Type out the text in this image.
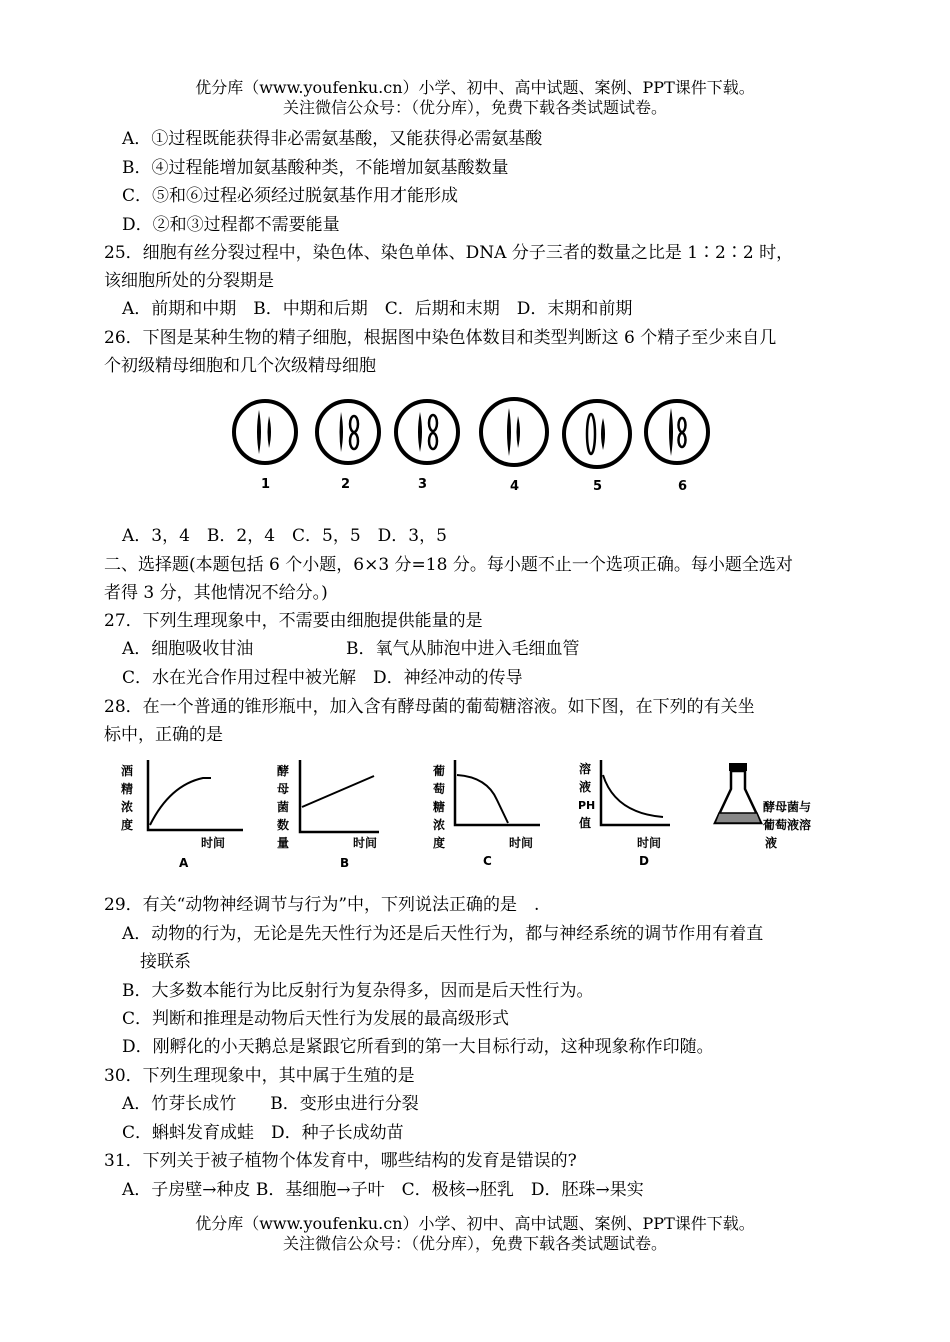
优分库（www.youfenku.cn）小学、初中、高中试题、案例、PPT课件下载。
关注微信公众号：（优分库），免费下载各类试题试卷。
A．①过程既能获得非必需氨基酸，又能获得必需氨基酸
B．④过程能增加氨基酸种类，不能增加氨基酸数量
C．⑤和⑥过程必须经过脱氨基作用才能形成
D．②和③过程都不需要能量
25．细胞有丝分裂过程中，染色体、染色单体、DNA 分子三者的数量之比是 1∶2∶2 时，
该细胞所处的分裂期是
A．前期和中期　B．中期和后期　C．后期和末期　D．末期和前期
26．下图是某种生物的精子细胞，根据图中染色体数目和类型判断这 6 个精子至少来自几
个初级精母细胞和几个次级精母细胞
1	2	3	4	5	6
A．3，4　B．2，4　C．5，5　D．3，5
二、选择题(本题包括 6 个小题，6×3 分=18 分。每小题不止一个选项正确。每小题全选对
者得 3 分，其他情况不给分。)
27．下列生理现象中，不需要由细胞提供能量的是
A．细胞吸收甘油	B．氧气从肺泡中进入毛细血管
C．水在光合作用过程中被光解　D．神经冲动的传导
28．在一个普通的锥形瓶中，加入含有酵母菌的葡萄糖溶液。如下图，在下列的有关坐
标中，正确的是
酒
精
浓
度
时间
A
酵
母
菌
数
量	时间
B
葡
萄
糖
浓
度	时间
C
溶
液
PH
值
时间
D
酵母菌与
葡萄液溶
液
29．有关“动物神经调节与行为”中，下列说法正确的是　.
A．动物的行为，无论是先天性行为还是后天性行为，都与神经系统的调节作用有着直
接联系
B．大多数本能行为比反射行为复杂得多，因而是后天性行为。
C．判断和推理是动物后天性行为发展的最高级形式
D．刚孵化的小天鹅总是紧跟它所看到的第一大目标行动，这种现象称作印随。
30．下列生理现象中，其中属于生殖的是
A．竹芽长成竹　　B．变形虫进行分裂
C．蝌蚪发育成蛙　D．种子长成幼苗
31．下列关于被子植物个体发育中，哪些结构的发育是错误的?
A．子房壁→种皮 B．基细胞→子叶　C．极核→胚乳　D．胚珠→果实
优分库（www.youfenku.cn）小学、初中、高中试题、案例、PPT课件下载。
关注微信公众号：（优分库），免费下载各类试题试卷。
